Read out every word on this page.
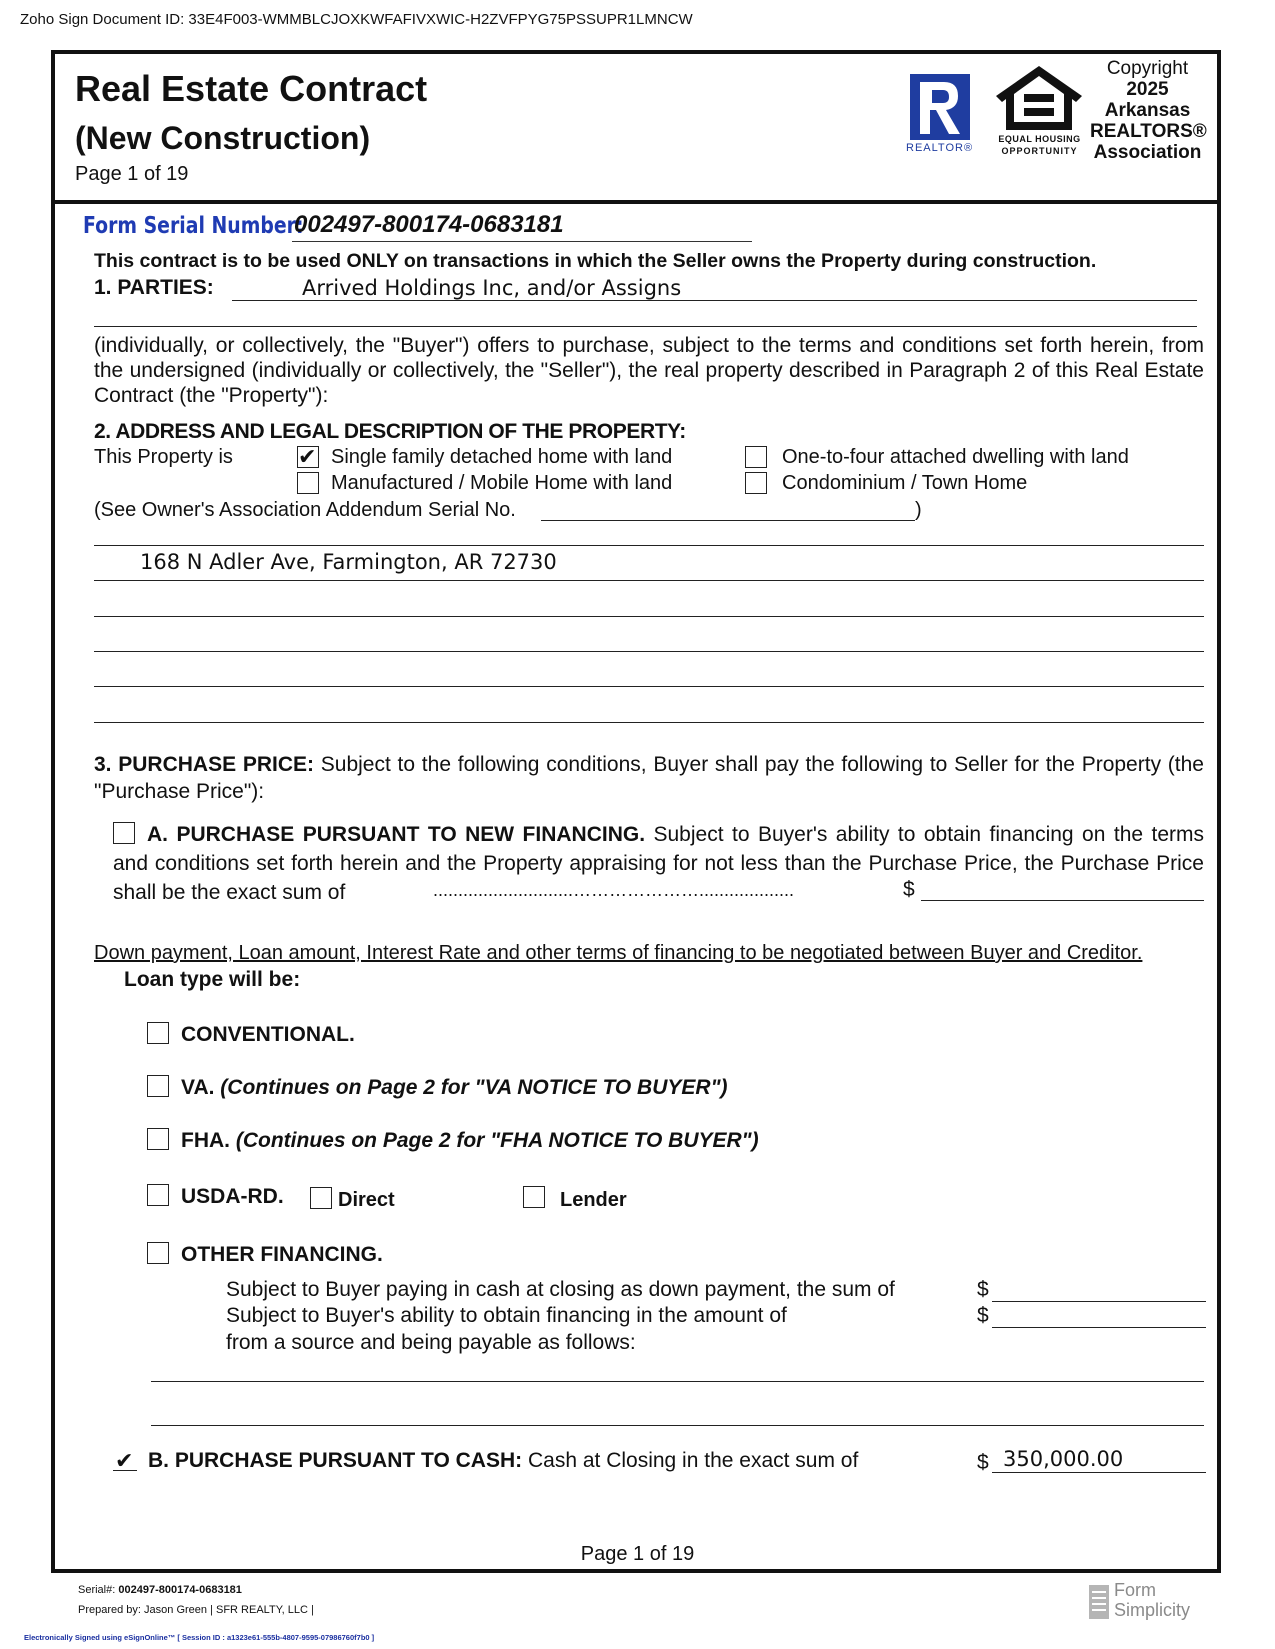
Zoho Sign Document ID: 33E4F003-WMMBLCJOXKWFAFIVXWIC-H2ZVFPYG75PSSUPR1LMNCW
Real Estate Contract
(New Construction)
Page 1 of 19
REALTOR®
EQUAL HOUSING
OPPORTUNITY
Copyright
2025
Arkansas
REALTORS®
Association
Form Serial Number:
002497-800174-0683181
This contract is to be used ONLY on transactions in which the Seller owns the Property during construction.
1. PARTIES:	Arrived Holdings Inc, and/or Assigns
(individually, or collectively, the "Buyer") offers to purchase, subject to the terms and conditions set forth herein, from the undersigned (individually or collectively, the "Seller"), the real property described in Paragraph 2 of this Real Estate Contract (the "Property"):
2. ADDRESS AND LEGAL DESCRIPTION OF THE PROPERTY:
This Property is	✔ Single family detached home with land	One-to-four attached dwelling with land
Manufactured / Mobile Home with land	Condominium / Town Home
(See Owner's Association Addendum Serial No.	)
168 N Adler Ave, Farmington, AR 72730
3. PURCHASE PRICE: Subject to the following conditions, Buyer shall pay the following to Seller for the Property (the "Purchase Price"):
A. PURCHASE PURSUANT TO NEW FINANCING. Subject to Buyer's ability to obtain financing on the terms and conditions set forth herein and the Property appraising for not less than the Purchase Price, the Purchase Price shall be the exact sum of	............................…………………...................	$
Down payment, Loan amount, Interest Rate and other terms of financing to be negotiated between Buyer and Creditor.
Loan type will be:
CONVENTIONAL.
VA. (Continues on Page 2 for "VA NOTICE TO BUYER")
FHA. (Continues on Page 2 for "FHA NOTICE TO BUYER")
USDA-RD.	Direct	Lender
OTHER FINANCING.
Subject to Buyer paying in cash at closing as down payment, the sum of	$
Subject to Buyer's ability to obtain financing in the amount of	$
from a source and being payable as follows:
✔ B. PURCHASE PURSUANT TO CASH: Cash at Closing in the exact sum of	$ 350,000.00
Page 1 of 19
Serial#: 002497-800174-0683181
Prepared by: Jason Green | SFR REALTY, LLC |
Electronically Signed using eSignOnline™ [ Session ID : a1323e61-555b-4807-9595-07986760f7b0 ]
Form
Simplicity
